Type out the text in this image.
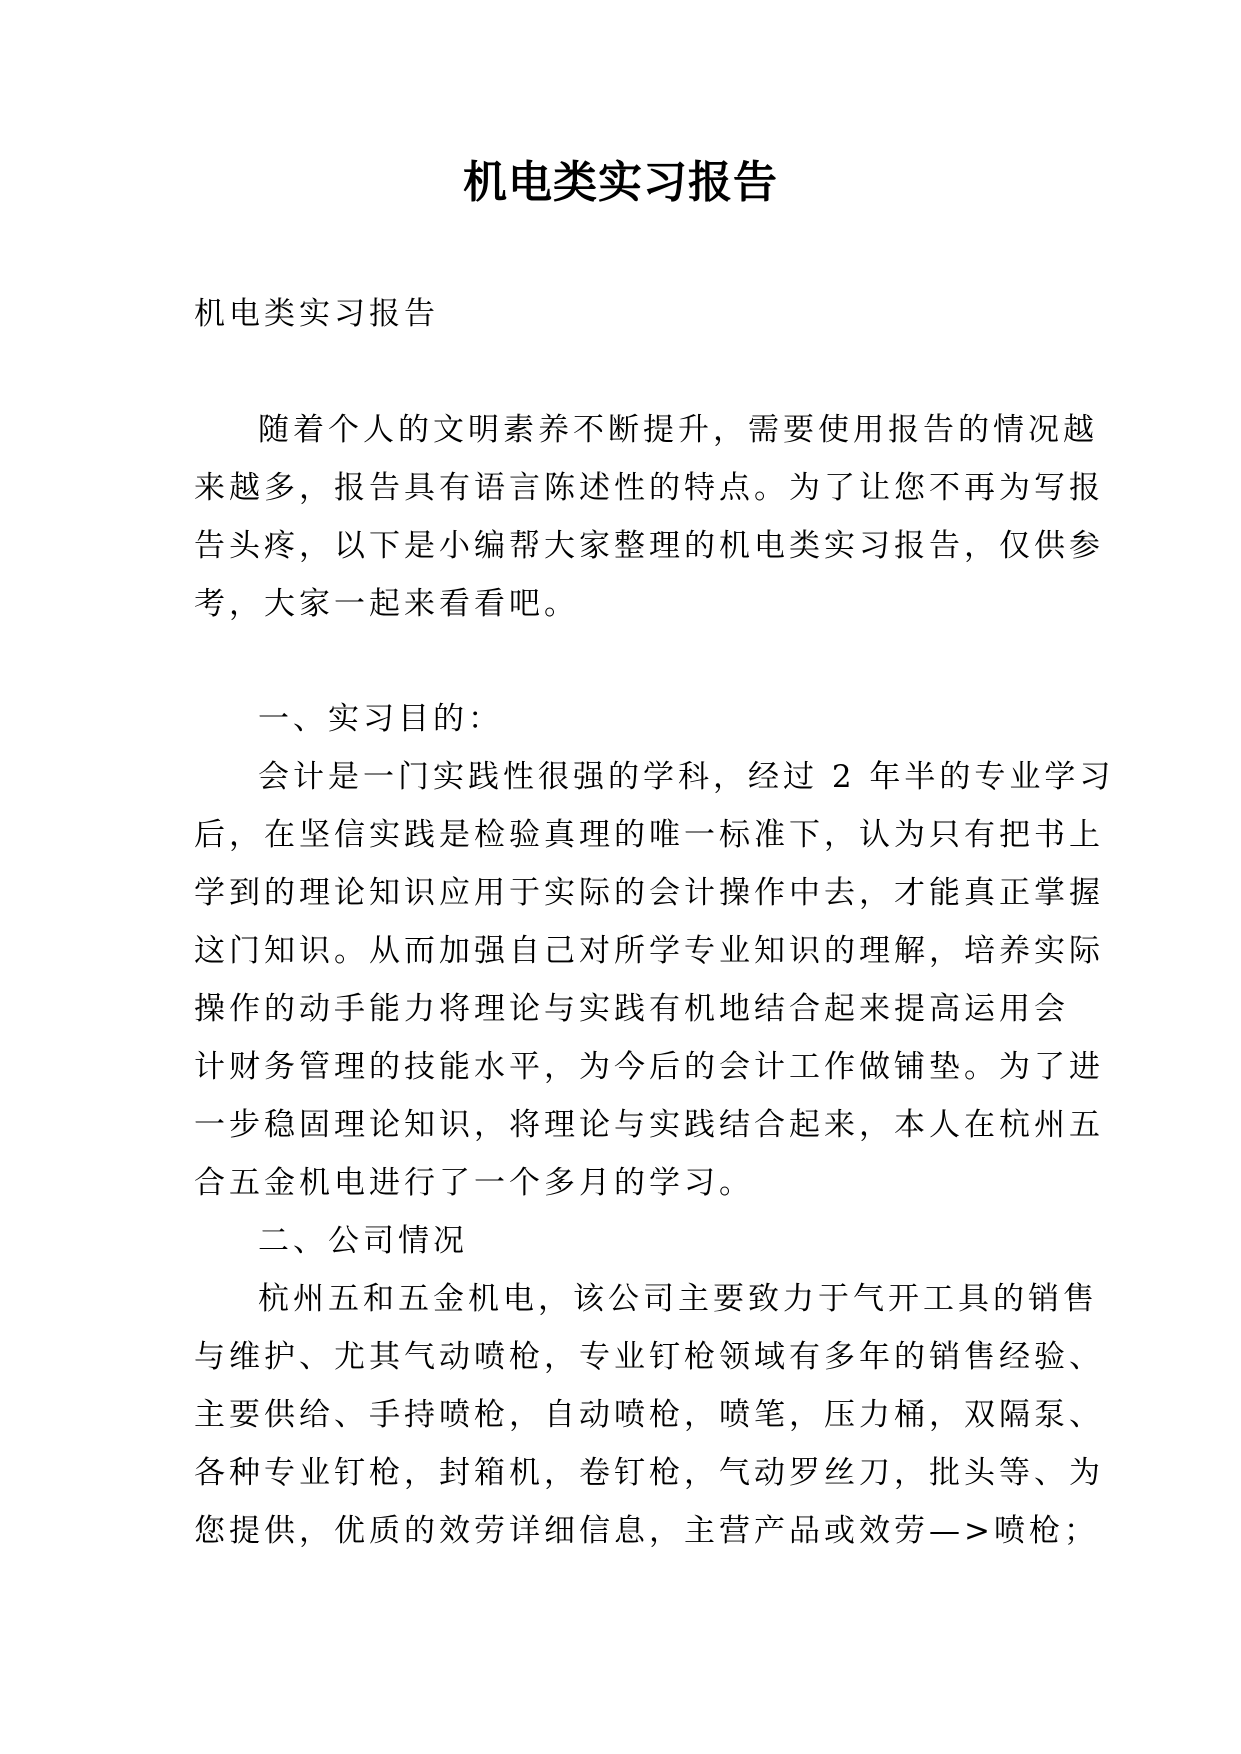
机电类实习报告
机电类实习报告
随着个人的文明素养不断提升，需要使用报告的情况越
来越多，报告具有语言陈述性的特点。为了让您不再为写报
告头疼，以下是小编帮大家整理的机电类实习报告，仅供参
考，大家一起来看看吧。
一、实习目的：
会计是一门实践性很强的学科，经过 2 年半的专业学习
后，在坚信实践是检验真理的唯一标准下，认为只有把书上
学到的理论知识应用于实际的会计操作中去，才能真正掌握
这门知识。从而加强自己对所学专业知识的理解，培养实际
操作的动手能力将理论与实践有机地结合起来提高运用会
计财务管理的技能水平，为今后的会计工作做铺垫。为了进
一步稳固理论知识，将理论与实践结合起来，本人在杭州五
合五金机电进行了一个多月的学习。
二、公司情况
杭州五和五金机电，该公司主要致力于气开工具的销售
与维护、尤其气动喷枪，专业钉枪领域有多年的销售经验、
主要供给、手持喷枪，自动喷枪，喷笔，压力桶，双隔泵、
各种专业钉枪，封箱机，卷钉枪，气动罗丝刀，批头等、为
您提供，优质的效劳详细信息，主营产品或效劳—>喷枪；
